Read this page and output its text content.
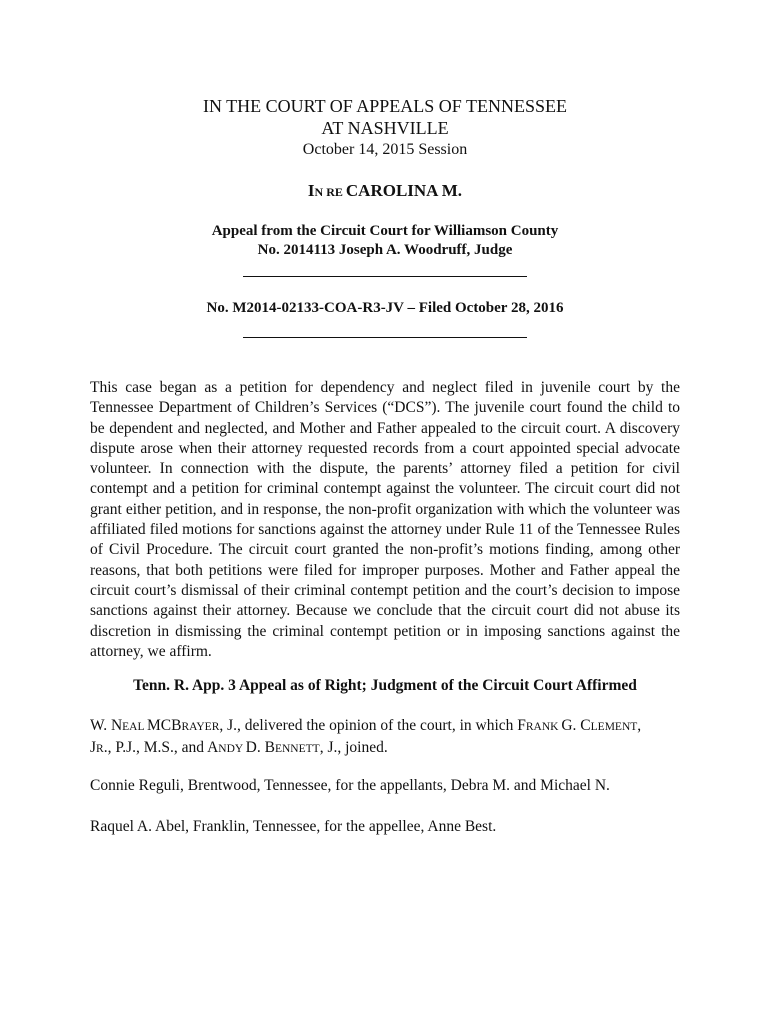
IN THE COURT OF APPEALS OF TENNESSEE
AT NASHVILLE
October 14, 2015 Session
IN RE CAROLINA M.
Appeal from the Circuit Court for Williamson County
No. 2014113 Joseph A. Woodruff, Judge
No. M2014-02133-COA-R3-JV – Filed October 28, 2016
This case began as a petition for dependency and neglect filed in juvenile court by the Tennessee Department of Children’s Services (“DCS”). The juvenile court found the child to be dependent and neglected, and Mother and Father appealed to the circuit court. A discovery dispute arose when their attorney requested records from a court appointed special advocate volunteer. In connection with the dispute, the parents’ attorney filed a petition for civil contempt and a petition for criminal contempt against the volunteer. The circuit court did not grant either petition, and in response, the non-profit organization with which the volunteer was affiliated filed motions for sanctions against the attorney under Rule 11 of the Tennessee Rules of Civil Procedure. The circuit court granted the non-profit’s motions finding, among other reasons, that both petitions were filed for improper purposes. Mother and Father appeal the circuit court’s dismissal of their criminal contempt petition and the court’s decision to impose sanctions against their attorney. Because we conclude that the circuit court did not abuse its discretion in dismissing the criminal contempt petition or in imposing sanctions against the attorney, we affirm.
Tenn. R. App. 3 Appeal as of Right; Judgment of the Circuit Court Affirmed
W. NEAL MCBRAYER, J., delivered the opinion of the court, in which FRANK G. CLEMENT,
JR., P.J., M.S., and ANDY D. BENNETT, J., joined.
Connie Reguli, Brentwood, Tennessee, for the appellants, Debra M. and Michael N.
Raquel A. Abel, Franklin, Tennessee, for the appellee, Anne Best.
